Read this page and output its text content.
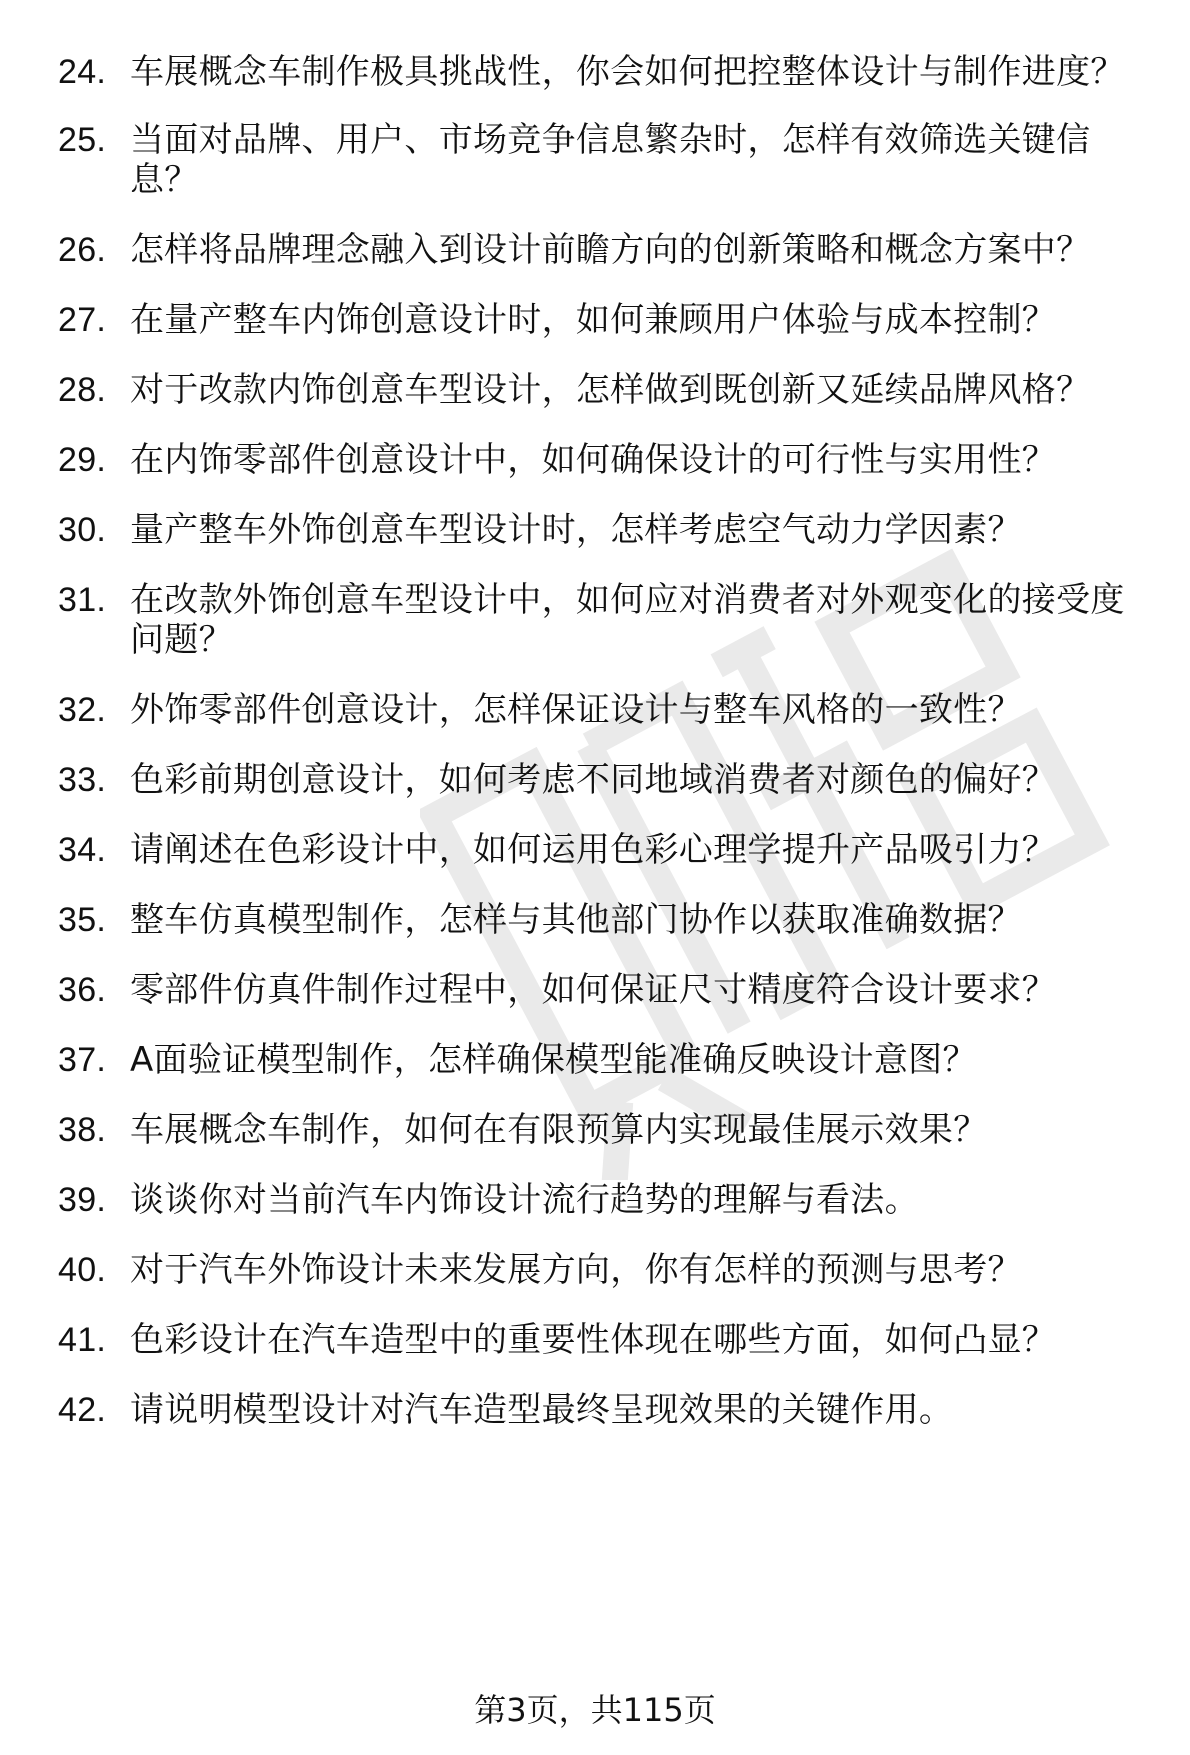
24. 车展概念车制作极具挑战性，你会如何把控整体设计与制作进度？
25. 当面对品牌、用户、市场竞争信息繁杂时，怎样有效筛选关键信息？
26. 怎样将品牌理念融入到设计前瞻方向的创新策略和概念方案中？
27. 在量产整车内饰创意设计时，如何兼顾用户体验与成本控制？
28. 对于改款内饰创意车型设计，怎样做到既创新又延续品牌风格？
29. 在内饰零部件创意设计中，如何确保设计的可行性与实用性？
30. 量产整车外饰创意车型设计时，怎样考虑空气动力学因素？
31. 在改款外饰创意车型设计中，如何应对消费者对外观变化的接受度问题？
32. 外饰零部件创意设计，怎样保证设计与整车风格的一致性？
33. 色彩前期创意设计，如何考虑不同地域消费者对颜色的偏好？
34. 请阐述在色彩设计中，如何运用色彩心理学提升产品吸引力？
35. 整车仿真模型制作，怎样与其他部门协作以获取准确数据？
36. 零部件仿真件制作过程中，如何保证尺寸精度符合设计要求？
37. A面验证模型制作，怎样确保模型能准确反映设计意图？
38. 车展概念车制作，如何在有限预算内实现最佳展示效果？
39. 谈谈你对当前汽车内饰设计流行趋势的理解与看法。
40. 对于汽车外饰设计未来发展方向，你有怎样的预测与思考？
41. 色彩设计在汽车造型中的重要性体现在哪些方面，如何凸显？
42. 请说明模型设计对汽车造型最终呈现效果的关键作用。
第3页，共115页
